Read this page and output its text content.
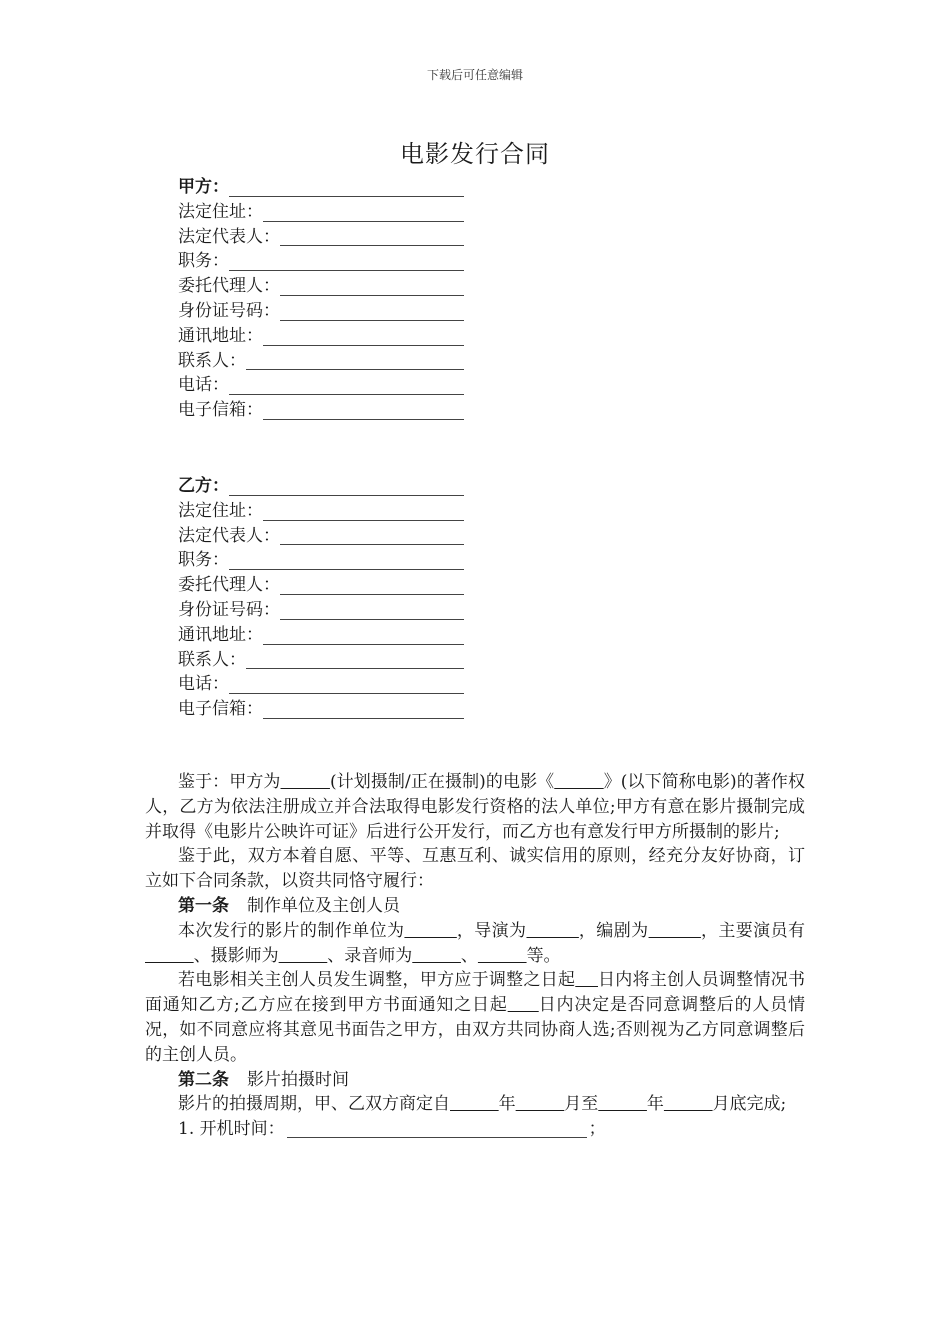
下载后可任意编辑
电影发行合同
甲方：
法定住址：
法定代表人：
职务：
委托代理人：
身份证号码：
通讯地址：
联系人：
电话：
电子信箱：
乙方：
法定住址：
法定代表人：
职务：
委托代理人：
身份证号码：
通讯地址：
联系人：
电话：
电子信箱：

鉴于：甲方为	(计划摄制/正在摄制)的电影《	》(以下简称电影)的著作权人，乙方为依法注册成立并合法取得电影发行资格的法人单位;甲方有意在影片摄制完成并取得《电影片公映许可证》后进行公开发行，而乙方也有意发行甲方所摄制的影片;

鉴于此，双方本着自愿、平等、互惠互利、诚实信用的原则，经充分友好协商，订立如下合同条款，以资共同恪守履行：

第一条 制作单位及主创人员

本次发行的影片的制作单位为	，导演为	，编剧为	，主要演员有         、摄影师为	、录音师为	、	等。

若电影相关主创人员发生调整，甲方应于调整之日起 日内将主创人员调整情况书面通知乙方;乙方应在接到甲方书面通知之日起 日内决定是否同意调整后的人员情况，如不同意应将其意见书面告之甲方，由双方共同协商人选;否则视为乙方同意调整后的主创人员。

第二条 影片拍摄时间

影片的拍摄周期，甲、乙双方商定自	年	月至	年	月底完成;

1. 开机时间：	；
